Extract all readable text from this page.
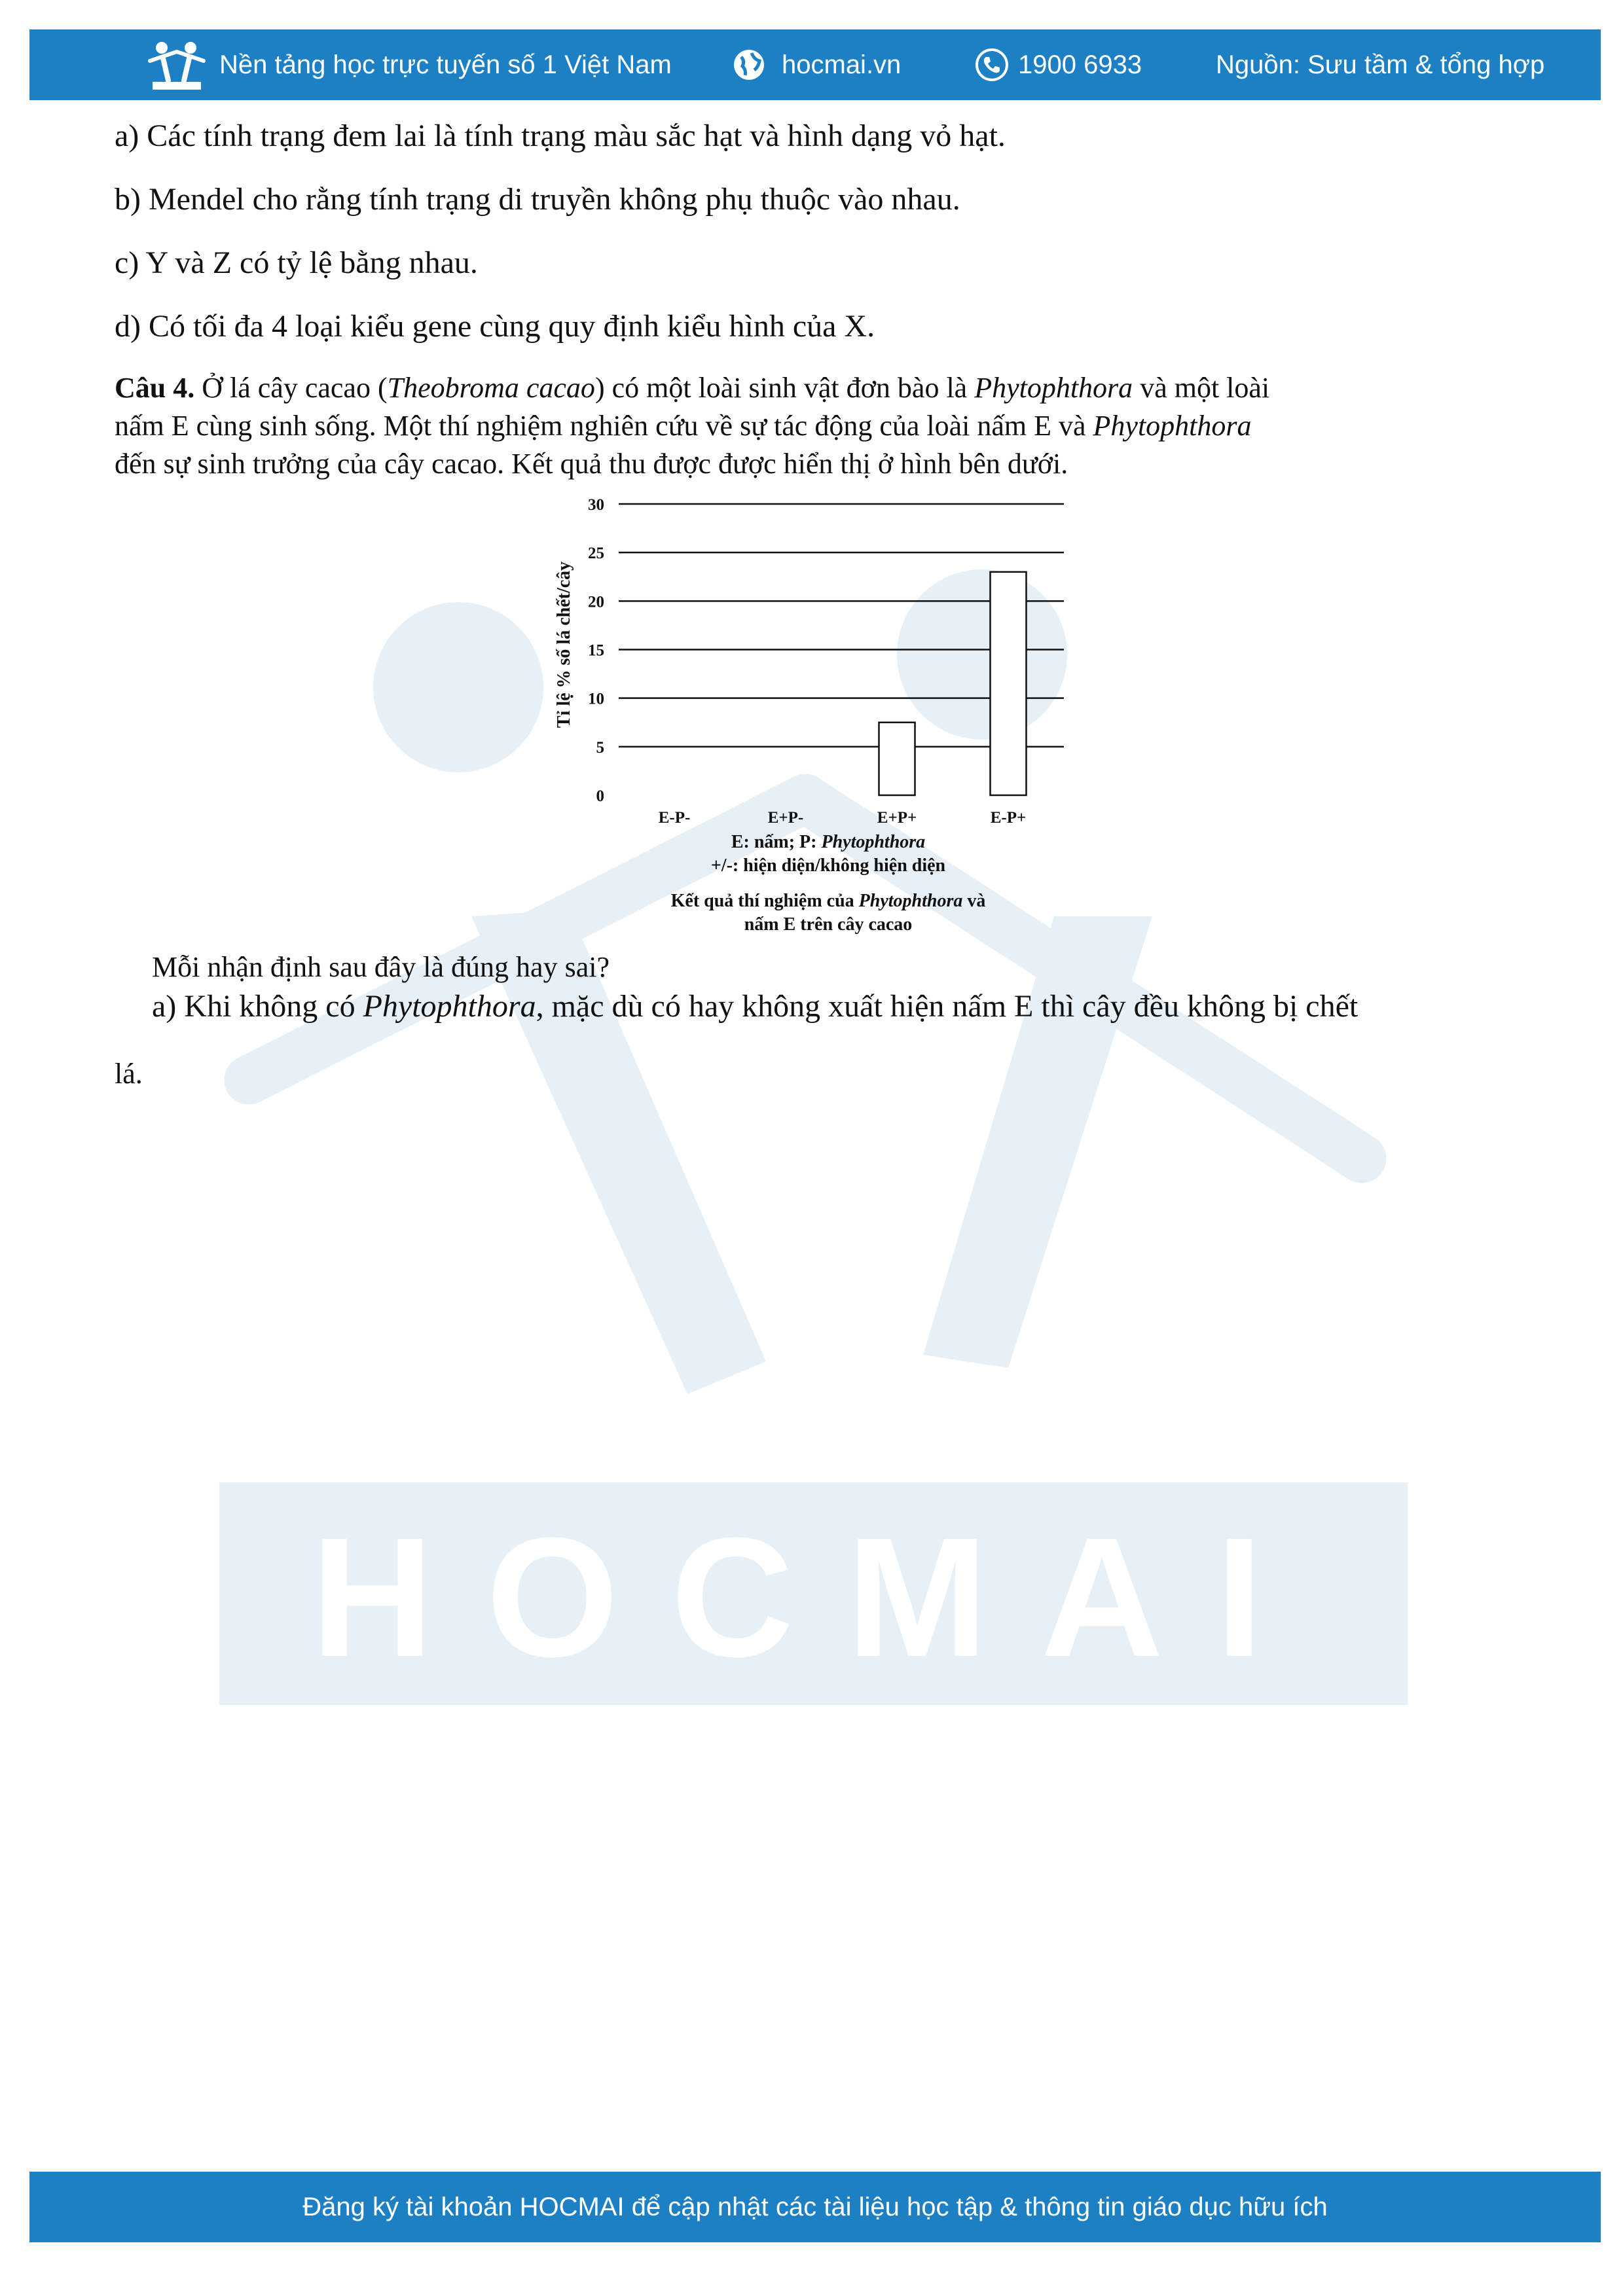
HOCMAI
Nền tảng học trực tuyến số 1 Việt Nam	hocmai.vn	1900 6933	Nguồn: Sưu tầm & tổng hợp
a) Các tính trạng đem lai là tính trạng màu sắc hạt và hình dạng vỏ hạt.
b) Mendel cho rằng tính trạng di truyền không phụ thuộc vào nhau.
c) Y và Z có tỷ lệ bằng nhau.
d) Có tối đa 4 loại kiểu gene cùng quy định kiểu hình của X.
Câu 4. Ở lá cây cacao (Theobroma cacao) có một loài sinh vật đơn bào là Phytophthora và một loài
nấm E cùng sinh sống. Một thí nghiệm nghiên cứu về sự tác động của loài nấm E và Phytophthora
đến sự sinh trưởng của cây cacao. Kết quả thu được được hiển thị ở hình bên dưới.
0
5
10
15
20
25
30
E-P-	E+P-	E+P+	E-P+
Tỉ lệ % số lá chết/cây
E: nấm; P: Phytophthora
+/-: hiện diện/không hiện diện
Kết quả thí nghiệm của Phytophthora và
nấm E trên cây cacao
Mỗi nhận định sau đây là đúng hay sai?
a) Khi không có Phytophthora, mặc dù có hay không xuất hiện nấm E thì cây đều không bị chết
lá.
Đăng ký tài khoản HOCMAI để cập nhật các tài liệu học tập & thông tin giáo dục hữu ích
